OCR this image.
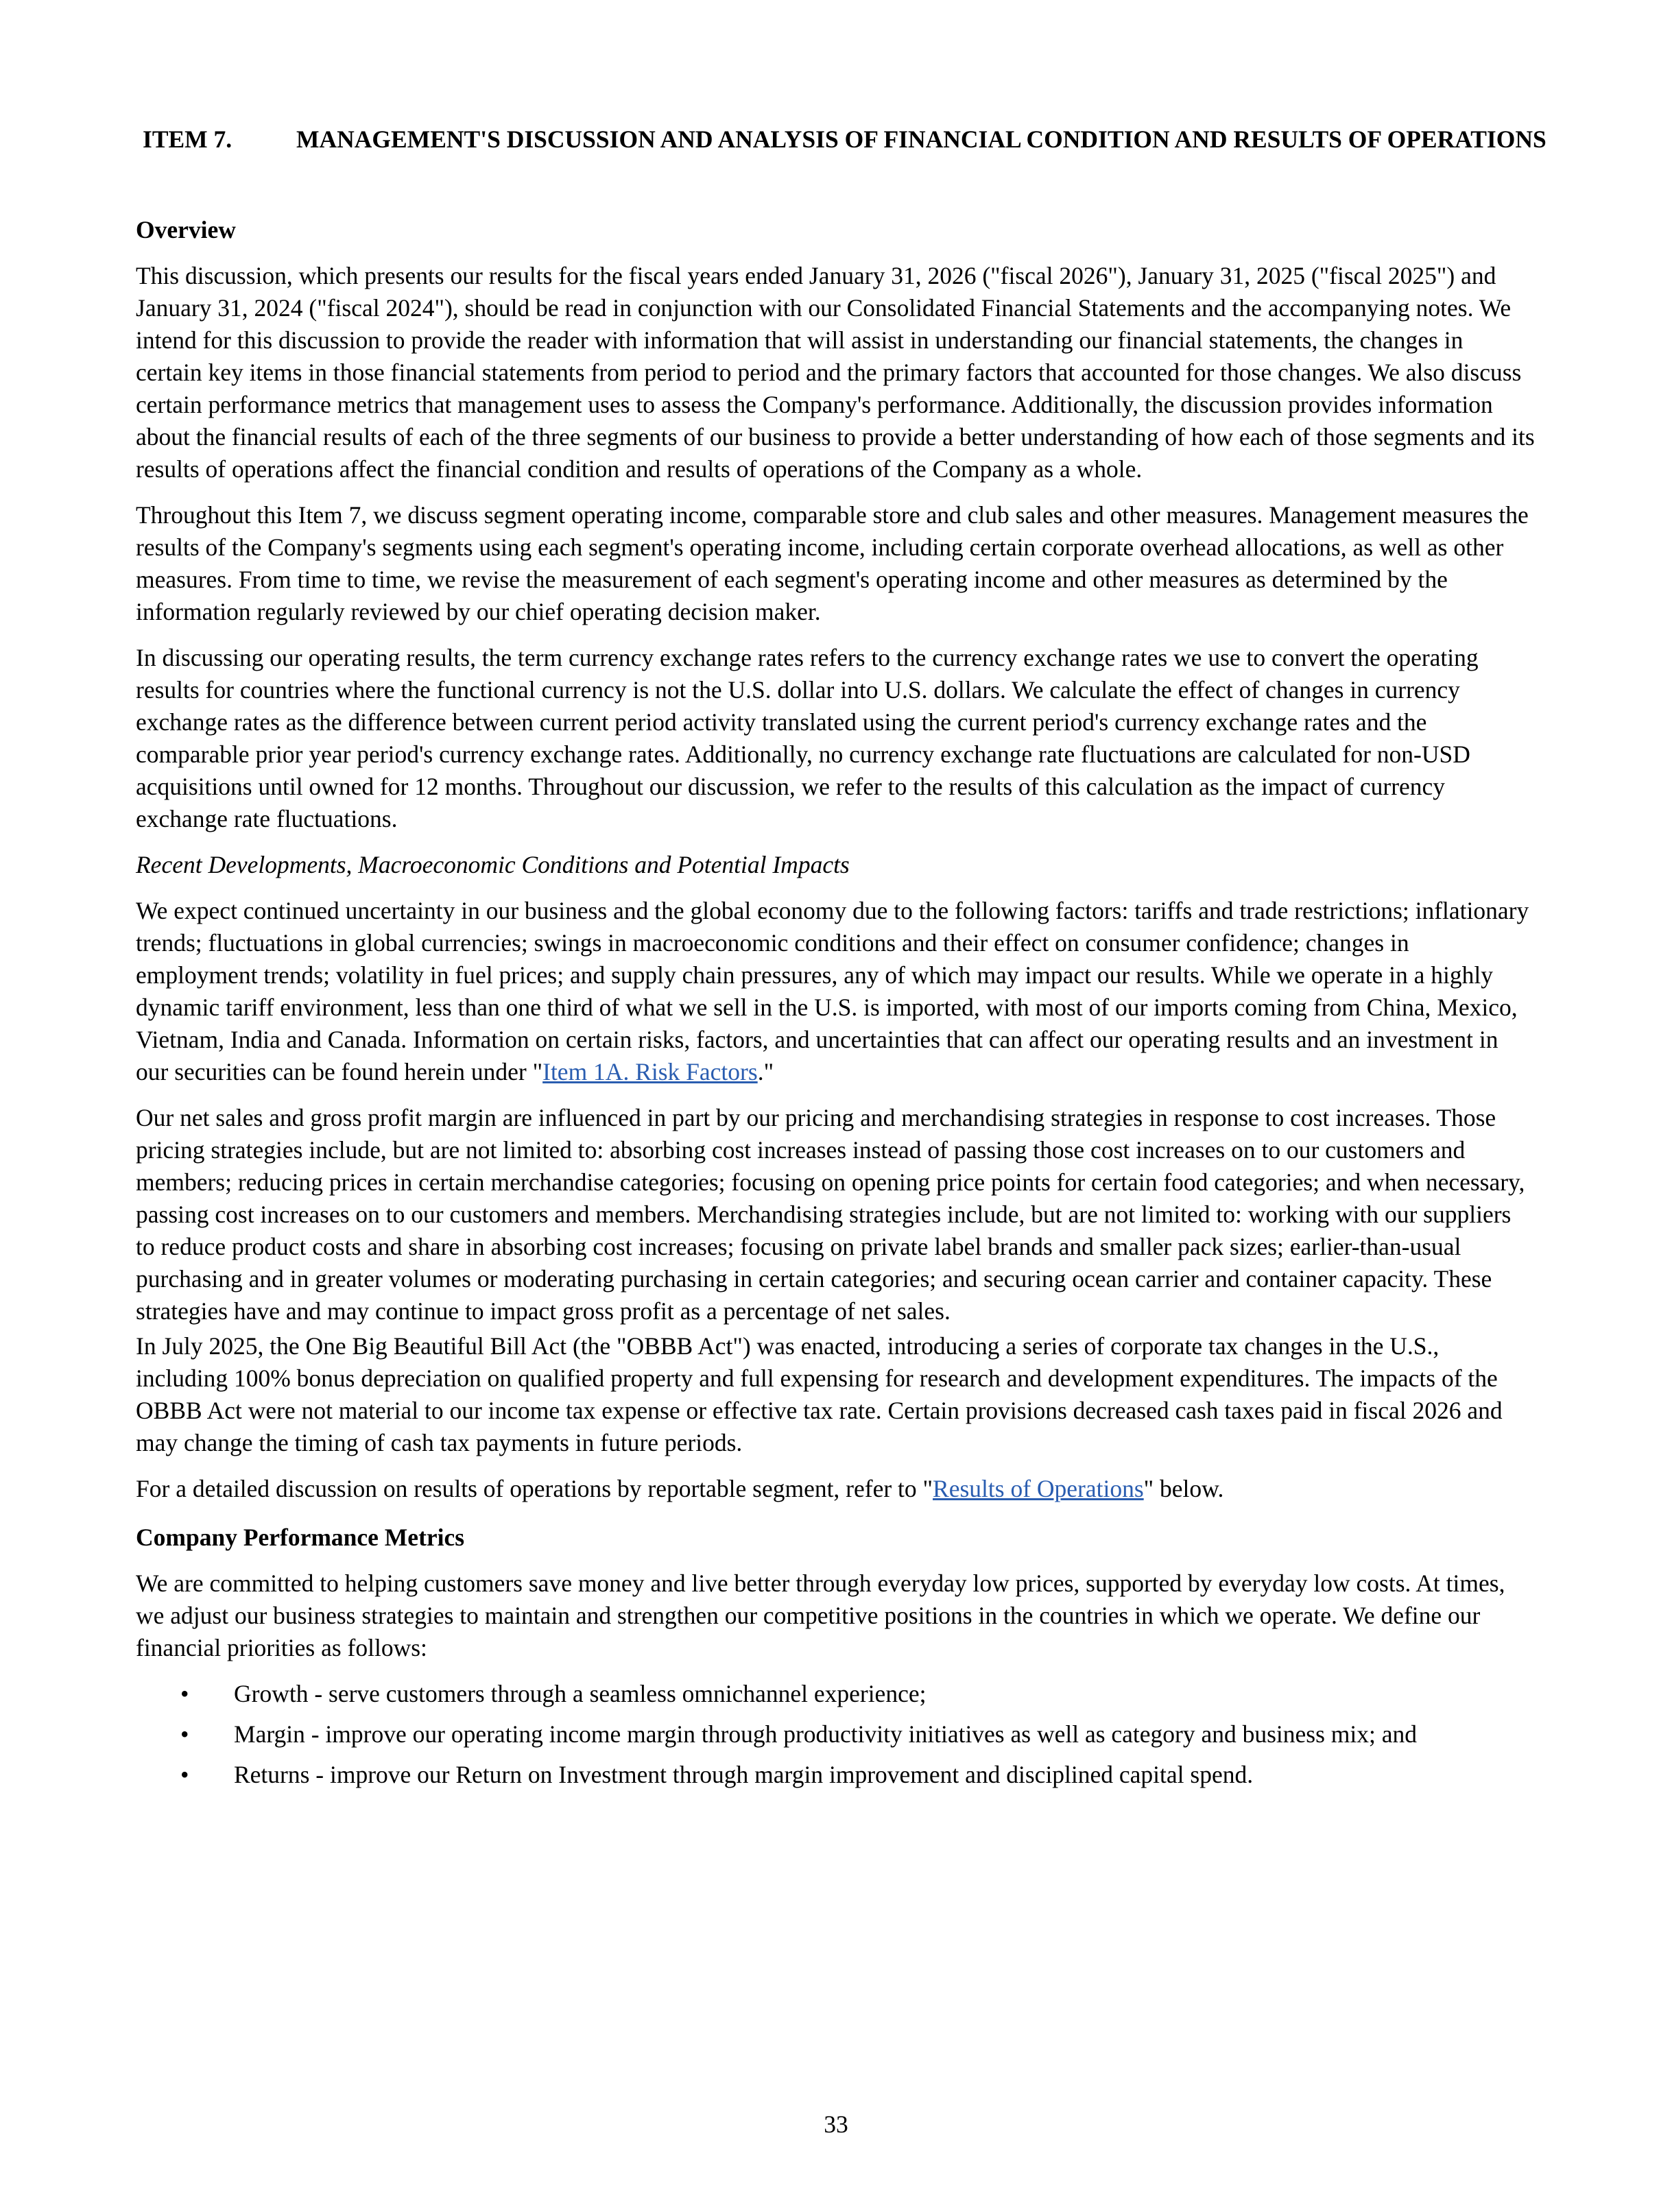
ITEM 7.	MANAGEMENT'S DISCUSSION AND ANALYSIS OF FINANCIAL CONDITION AND RESULTS OF OPERATIONS
Overview
This discussion, which presents our results for the fiscal years ended January 31, 2026 ("fiscal 2026"), January 31, 2025 ("fiscal 2025") and January 31, 2024 ("fiscal 2024"), should be read in conjunction with our Consolidated Financial Statements and the accompanying notes. We intend for this discussion to provide the reader with information that will assist in understanding our financial statements, the changes in certain key items in those financial statements from period to period and the primary factors that accounted for those changes. We also discuss certain performance metrics that management uses to assess the Company's performance. Additionally, the discussion provides information about the financial results of each of the three segments of our business to provide a better understanding of how each of those segments and its results of operations affect the financial condition and results of operations of the Company as a whole.
Throughout this Item 7, we discuss segment operating income, comparable store and club sales and other measures. Management measures the results of the Company's segments using each segment's operating income, including certain corporate overhead allocations, as well as other measures. From time to time, we revise the measurement of each segment's operating income and other measures as determined by the information regularly reviewed by our chief operating decision maker.
In discussing our operating results, the term currency exchange rates refers to the currency exchange rates we use to convert the operating results for countries where the functional currency is not the U.S. dollar into U.S. dollars. We calculate the effect of changes in currency exchange rates as the difference between current period activity translated using the current period's currency exchange rates and the comparable prior year period's currency exchange rates. Additionally, no currency exchange rate fluctuations are calculated for non-USD acquisitions until owned for 12 months. Throughout our discussion, we refer to the results of this calculation as the impact of currency exchange rate fluctuations.
Recent Developments, Macroeconomic Conditions and Potential Impacts
We expect continued uncertainty in our business and the global economy due to the following factors: tariffs and trade restrictions; inflationary trends; fluctuations in global currencies; swings in macroeconomic conditions and their effect on consumer confidence; changes in employment trends; volatility in fuel prices; and supply chain pressures, any of which may impact our results. While we operate in a highly dynamic tariff environment, less than one third of what we sell in the U.S. is imported, with most of our imports coming from China, Mexico, Vietnam, India and Canada. Information on certain risks, factors, and uncertainties that can affect our operating results and an investment in our securities can be found herein under "Item 1A. Risk Factors."
Our net sales and gross profit margin are influenced in part by our pricing and merchandising strategies in response to cost increases. Those pricing strategies include, but are not limited to: absorbing cost increases instead of passing those cost increases on to our customers and members; reducing prices in certain merchandise categories; focusing on opening price points for certain food categories; and when necessary, passing cost increases on to our customers and members. Merchandising strategies include, but are not limited to: working with our suppliers to reduce product costs and share in absorbing cost increases; focusing on private label brands and smaller pack sizes; earlier-than-usual purchasing and in greater volumes or moderating purchasing in certain categories; and securing ocean carrier and container capacity. These strategies have and may continue to impact gross profit as a percentage of net sales.
In July 2025, the One Big Beautiful Bill Act (the "OBBB Act") was enacted, introducing a series of corporate tax changes in the U.S., including 100% bonus depreciation on qualified property and full expensing for research and development expenditures. The impacts of the OBBB Act were not material to our income tax expense or effective tax rate. Certain provisions decreased cash taxes paid in fiscal 2026 and may change the timing of cash tax payments in future periods.
For a detailed discussion on results of operations by reportable segment, refer to "Results of Operations" below.
Company Performance Metrics
We are committed to helping customers save money and live better through everyday low prices, supported by everyday low costs. At times, we adjust our business strategies to maintain and strengthen our competitive positions in the countries in which we operate. We define our financial priorities as follows:
• Growth - serve customers through a seamless omnichannel experience;
• Margin - improve our operating income margin through productivity initiatives as well as category and business mix; and
• Returns - improve our Return on Investment through margin improvement and disciplined capital spend.
33
